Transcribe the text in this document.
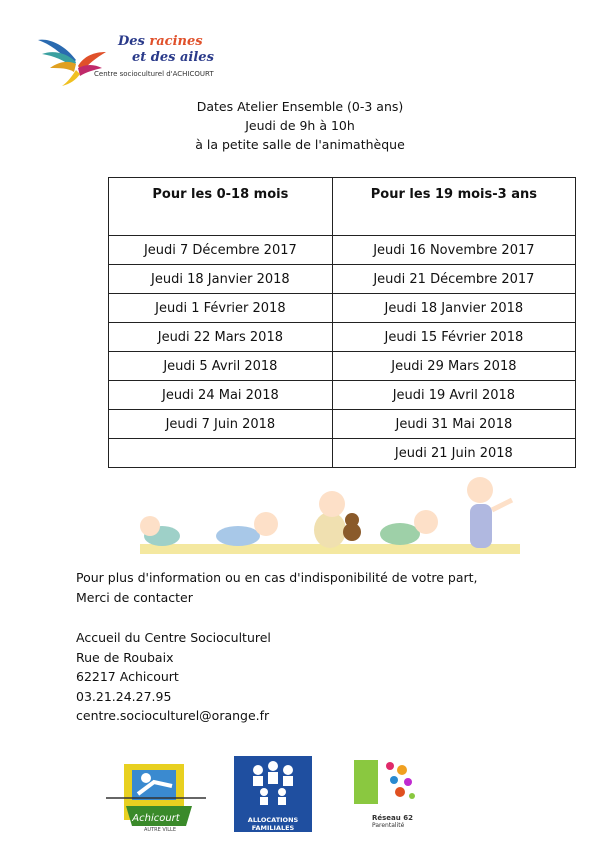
Des racines
et des ailes
Centre socioculturel d'ACHICOURT
Dates Atelier Ensemble (0-3 ans)
Jeudi de 9h à 10h
à la petite salle de l'animathèque
Pour les 0-18 mois	Pour les 19 mois-3 ans
Jeudi 7 Décembre 2017	Jeudi 16 Novembre 2017
Jeudi 18 Janvier 2018	Jeudi 21 Décembre 2017
Jeudi 1 Février 2018	Jeudi 18 Janvier 2018
Jeudi 22 Mars 2018	Jeudi 15 Février 2018
Jeudi 5 Avril 2018	Jeudi 29 Mars 2018
Jeudi 24 Mai 2018	Jeudi 19 Avril 2018
Jeudi 7 Juin 2018	Jeudi 31 Mai 2018
	Jeudi 21 Juin 2018
Pour plus d'information ou en cas d'indisponibilité de votre part,
Merci de contacter
Accueil du Centre Socioculturel
Rue de Roubaix
62217 Achicourt
03.21.24.27.95
centre.socioculturel@orange.fr
Achicourt
AUTRE VILLE
ALLOCATIONS FAMILIALES
Réseau 62
Parentalité
